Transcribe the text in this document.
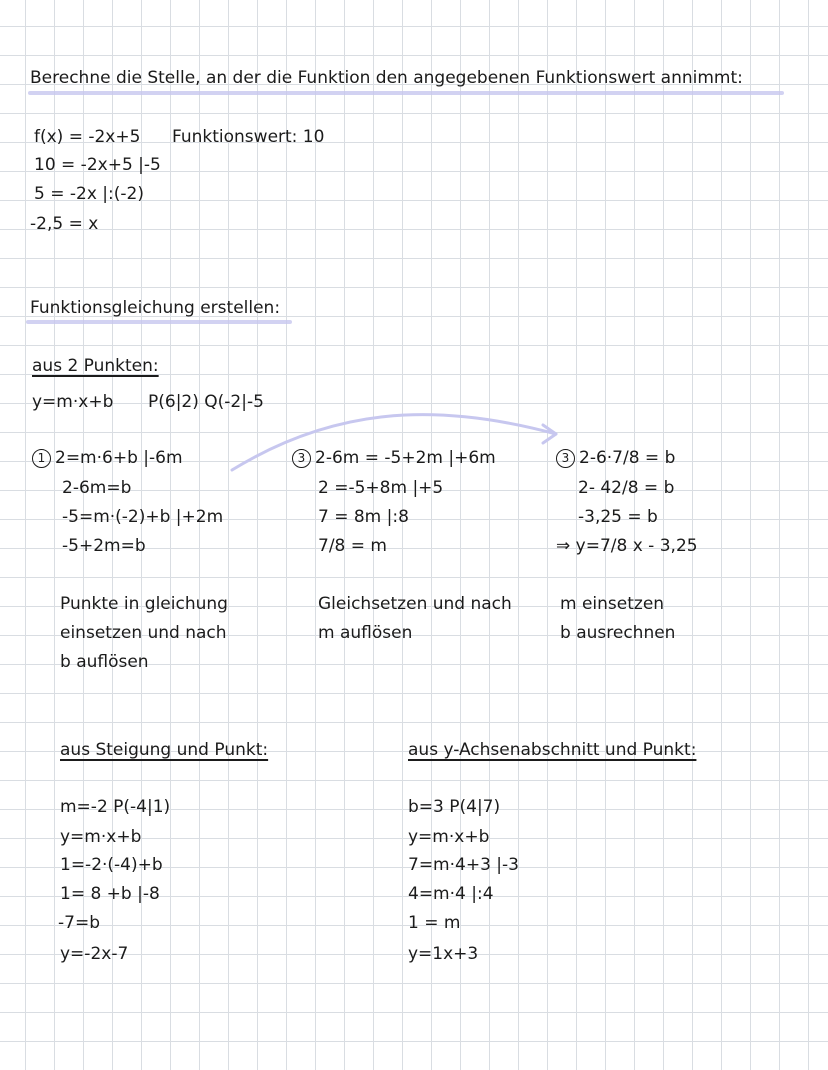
Berechne die Stelle, an der die Funktion den angegebenen Funktionswert annimmt:
f(x) = -2x+5 Funktionswert: 10
10 = -2x+5 |-5
5 = -2x |:(-2)
-2,5 = x
Funktionsgleichung erstellen:
aus 2 Punkten:
y=m·x+b P(6|2) Q(-2|-5
1 2=m·6+b |-6m
2-6m=b
-5=m·(-2)+b |+2m
-5+2m=b
Punkte in gleichung
einsetzen und nach
b auflösen
3 2-6m = -5+2m |+6m
2 =-5+8m |+5
7 = 8m |:8
7/8 = m
Gleichsetzen und nach
m auflösen
3 2-6·7/8 = b
2- 42/8 = b
-3,25 = b
⇒ y=7/8 x - 3,25
m einsetzen
b ausrechnen
aus Steigung und Punkt:
m=-2 P(-4|1)
y=m·x+b
1=-2·(-4)+b
1= 8 +b |-8
-7=b
y=-2x-7
aus y-Achsenabschnitt und Punkt:
b=3 P(4|7)
y=m·x+b
7=m·4+3 |-3
4=m·4 |:4
1 = m
y=1x+3
